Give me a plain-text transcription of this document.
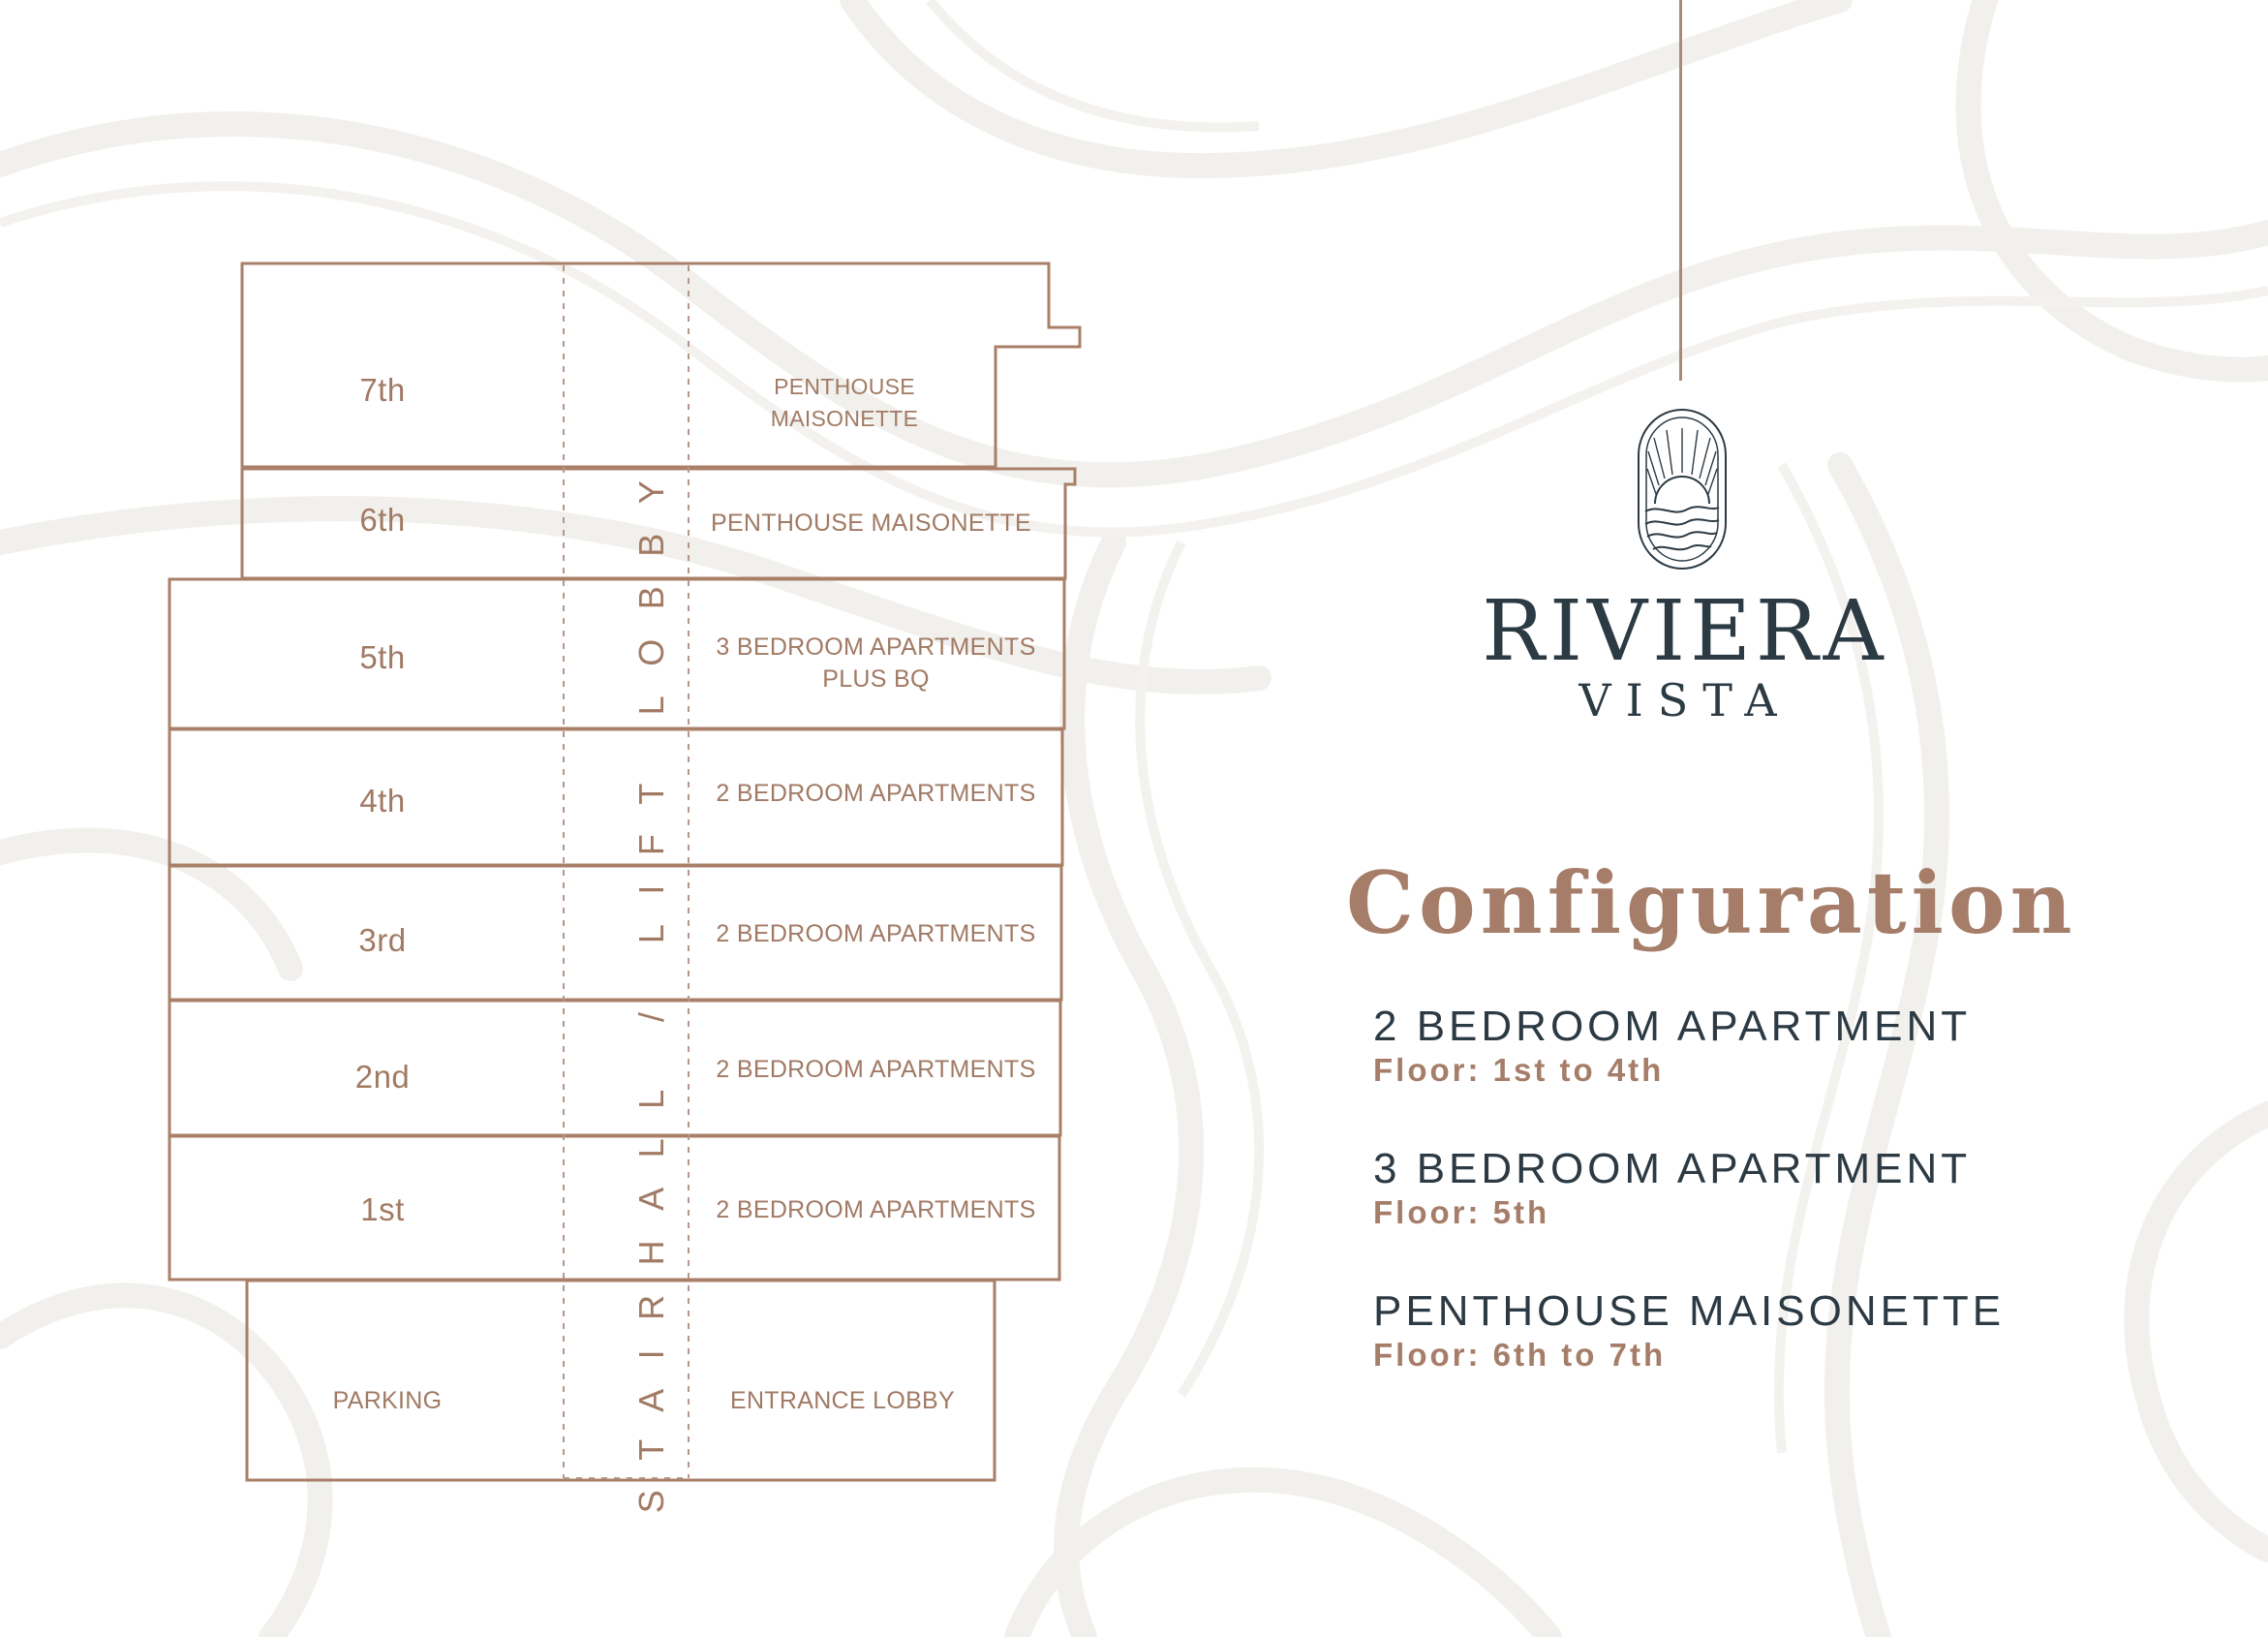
7th
6th
5th
4th
3rd
2nd
1st
PENTHOUSE MAISONETTE
PENTHOUSE MAISONETTE
3 BEDROOM APARTMENTS
PLUS BQ
2 BEDROOM APARTMENTS
2 BEDROOM APARTMENTS
2 BEDROOM APARTMENTS
2 BEDROOM APARTMENTS
PARKING	ENTRANCE LOBBY
STAIRHALL / LIFT LOBBY	RIVIERA
VISTA
Configuration
2 BEDROOM APARTMENT
Floor: 1st to 4th
3 BEDROOM APARTMENT
Floor: 5th
PENTHOUSE MAISONETTE
Floor: 6th to 7th
